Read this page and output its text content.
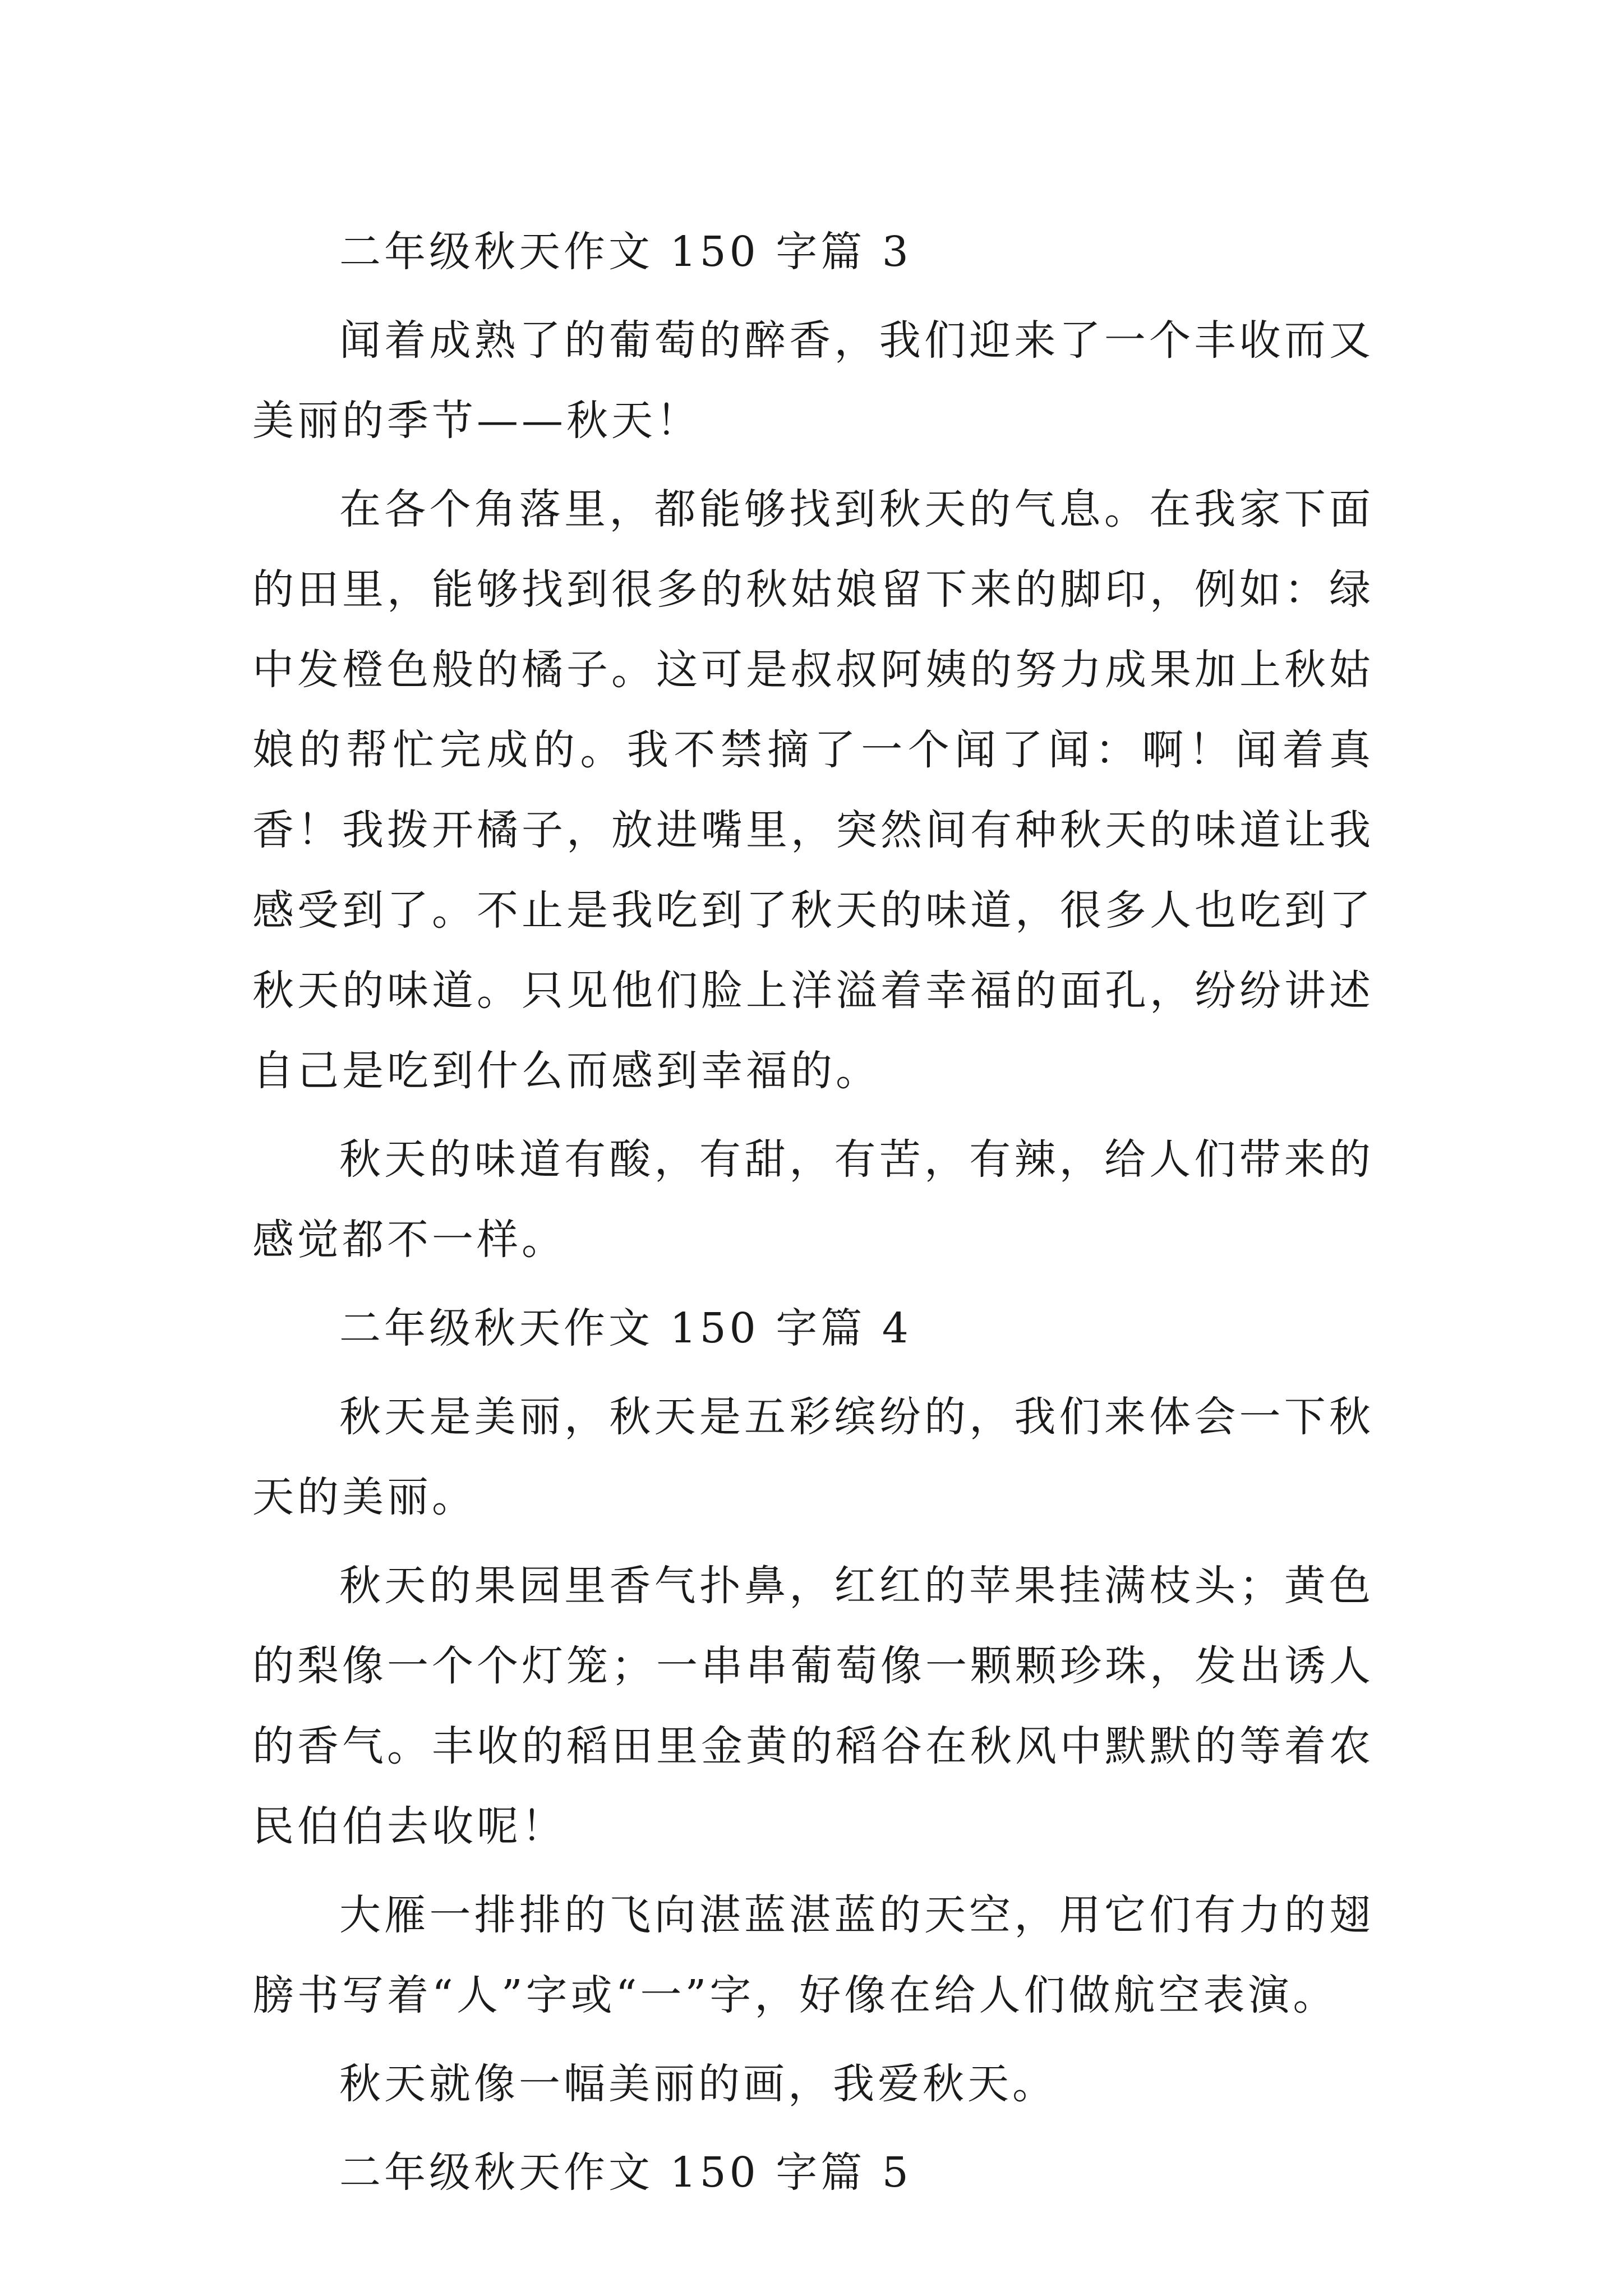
二年级秋天作文 150 字篇 3

闻着成熟了的葡萄的醉香，我们迎来了一个丰收而又美丽的季节——秋天！

在各个角落里，都能够找到秋天的气息。在我家下面的田里，能够找到很多的秋姑娘留下来的脚印，例如：绿中发橙色般的橘子。这可是叔叔阿姨的努力成果加上秋姑娘的帮忙完成的。我不禁摘了一个闻了闻：啊！闻着真香！我拨开橘子，放进嘴里，突然间有种秋天的味道让我感受到了。不止是我吃到了秋天的味道，很多人也吃到了秋天的味道。只见他们脸上洋溢着幸福的面孔，纷纷讲述自己是吃到什么而感到幸福的。

秋天的味道有酸，有甜，有苦，有辣，给人们带来的感觉都不一样。

二年级秋天作文 150 字篇 4

秋天是美丽，秋天是五彩缤纷的，我们来体会一下秋天的美丽。

秋天的果园里香气扑鼻，红红的苹果挂满枝头；黄色的梨像一个个灯笼；一串串葡萄像一颗颗珍珠，发出诱人的香气。丰收的稻田里金黄的稻谷在秋风中默默的等着农民伯伯去收呢！

大雁一排排的飞向湛蓝湛蓝的天空，用它们有力的翅膀书写着“人”字或“一”字，好像在给人们做航空表演。

秋天就像一幅美丽的画，我爱秋天。

二年级秋天作文 150 字篇 5
